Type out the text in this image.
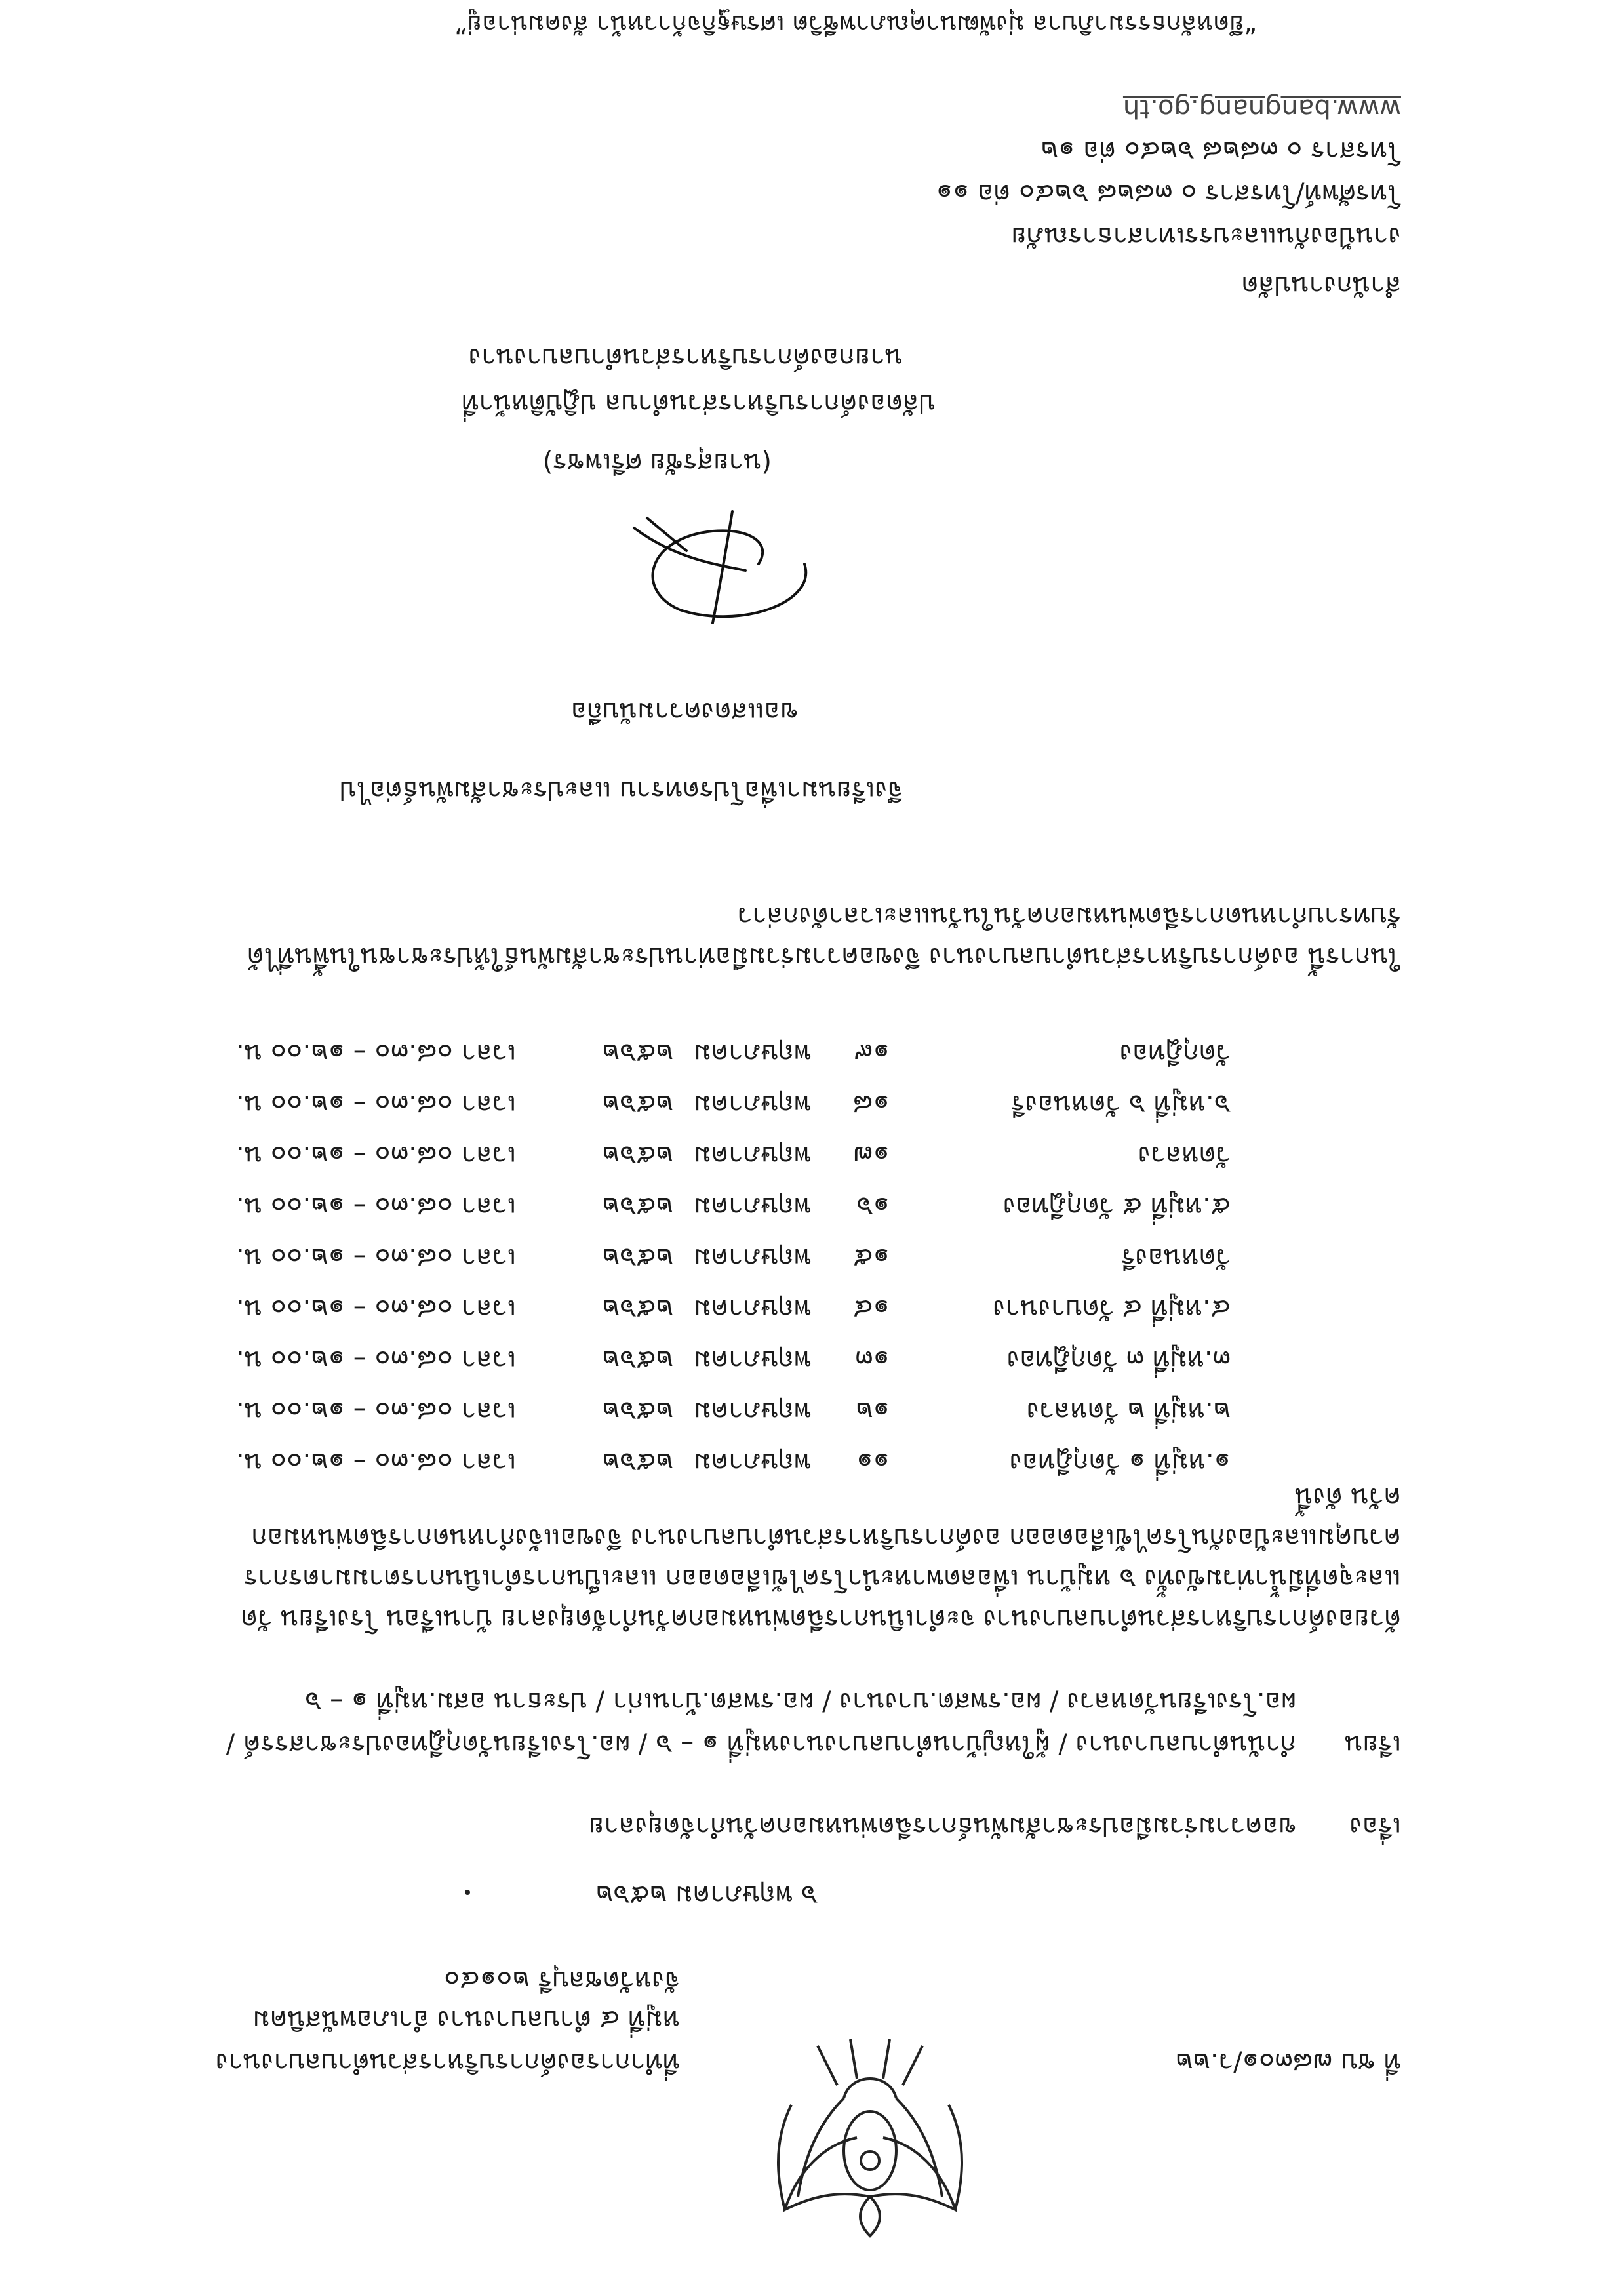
ที่ ชบ ๗๘๓๐๑/ว.๒๒
ที่ทำการองค์การบริหารส่วนตำบลบางนาง
หมู่ที่ ๔ ตำบลบางนาง อำเภอพนัสนิคม
จังหวัดชลบุรี ๒๐๑๔๐
๖ พฤษภาคม ๒๕๖๒
เรื่อง
ขอความร่วมมือประชาสัมพันธ์การฉีดพ่นหมอกควันกำจัดยุงลาย
เรียน
กำนันตำบลบางนาง / ผู้ใหญ่บ้านตำบลบางนางหมู่ที่ ๑ – ๖ / ผอ.โรงเรียนวัดกุฎีทองประชาสรรค์ /
ผอ.โรงเรียนวัดหลวง / ผอ.รพสต.บางนาง / ผอ.รพสต.บ้านเก่า / ประธาน อสม.หมู่ที่ ๑ – ๖
ด้วยองค์การบริหารส่วนตำบลบางนาง จะดำเนินการฉีดพ่นหมอกควันกำจัดยุงลาย บ้านเรือน โรงเรียน วัด และจุดที่มีน้ำท่วมขังทั้ง ๖ หมู่บ้าน เพื่อลดพาหะนำโรคไข้เลือดออก และเป็นการดำเนินการตามมาตรการควบคุมและป้องกันโรคไข้เลือดออก องค์การบริหารส่วนตำบลบางนาง จึงขอแจ้งกำหนดการฉีดพ่นหมอกควัน ดังนี้
๑.หมู่ที่ ๑ วัดกุฎีทอง
๑๑
พฤษภาคม
๒๕๖๒
เวลา ๐๘.๓๐ – ๑๒.๐๐ น.
๒.หมู่ที่ ๒ วัดหลวง
๑๒
พฤษภาคม
๒๕๖๒
เวลา ๐๘.๓๐ – ๑๒.๐๐ น.
๓.หมู่ที่ ๓ วัดกุฎีทอง
๑๓
พฤษภาคม
๒๕๖๒
เวลา ๐๘.๓๐ – ๑๒.๐๐ น.
๔.หมู่ที่ ๔ วัดบางนาง
๑๔
พฤษภาคม
๒๕๖๒
เวลา ๐๘.๓๐ – ๑๒.๐๐ น.
วัดหนองรี
๑๕
พฤษภาคม
๒๕๖๒
เวลา ๐๘.๓๐ – ๑๒.๐๐ น.
๕.หมู่ที่ ๕ วัดกุฎีทอง
๑๖
พฤษภาคม
๒๕๖๒
เวลา ๐๘.๓๐ – ๑๒.๐๐ น.
วัดหลวง
๑๗
พฤษภาคม
๒๕๖๒
เวลา ๐๘.๓๐ – ๑๒.๐๐ น.
๖.หมู่ที่ ๖ วัดหนองรี
๑๘
พฤษภาคม
๒๕๖๒
เวลา ๐๘.๓๐ – ๑๒.๐๐ น.
วัดกุฎีทอง
๑๙
พฤษภาคม
๒๕๖๒
เวลา ๐๘.๓๐ – ๑๒.๐๐ น.
ในการนี้ องค์การบริหารส่วนตำบลบางนาง จึงขอความร่วมมือท่านประชาสัมพันธ์ให้ประชาชนในพื้นที่ได้รับทราบกำหนดการฉีดพ่นหมอกควันในวันและเวลาดังกล่าว
จึงเรียนมาเพื่อโปรดทราบ และประชาสัมพันธ์ต่อไป
ขอแสดงความนับถือ
(นายสุรชัย ศรีเพชร)
ปลัดองค์การบริหารส่วนตำบล ปฏิบัติหน้าที่
นายกองค์การบริหารส่วนตำบลบางนาง
สำนักงานปลัด
งานป้องกันและบรรเทาสาธารณภัย
โทรศัพท์/โทรสาร ๐ ๓๘๒๘ ๖๒๔๐ ต่อ ๑๑
โทรสาร ๐ ๓๘๒๘ ๖๒๔๐ ต่อ ๑๒
www.bangnang.go.th
“ยึดหลักธรรมาภิบาล มุ่งพัฒนาคุณภาพชีวิต เศรษฐกิจก้าวหน้า สังคมน่าอยู่”
